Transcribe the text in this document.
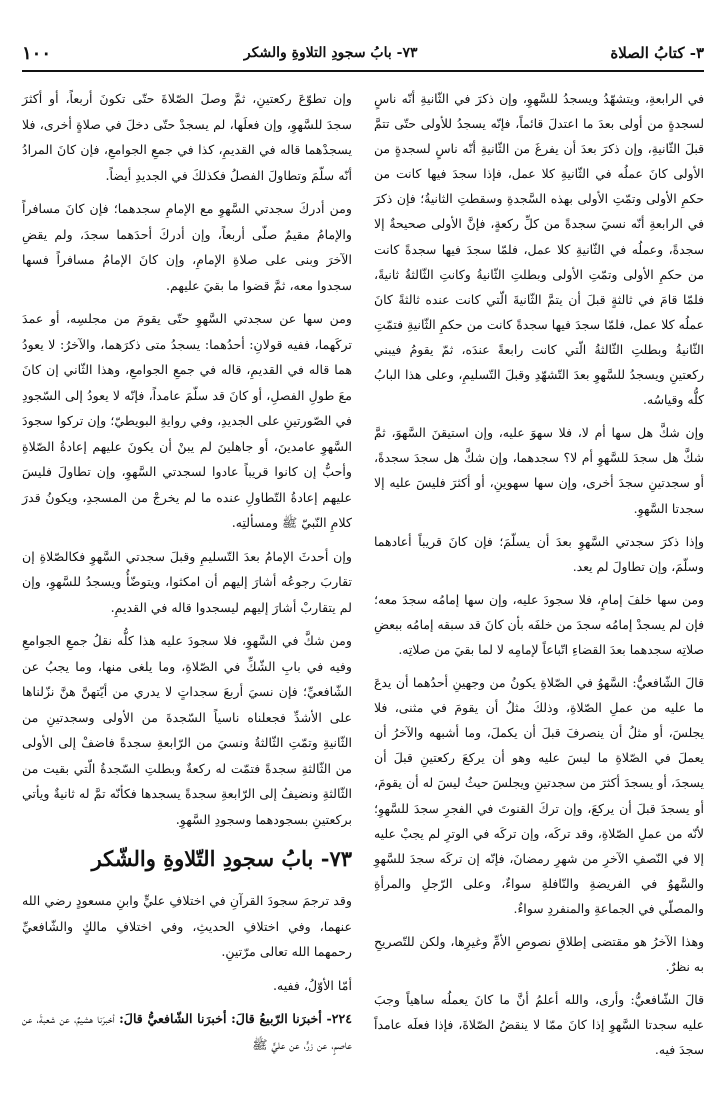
٣- كتابُ الصلاة
٧٣- بابُ سجودِ التلاوةِ والشكر
١٠٠

في الرابعةِ، ويتشهّدُ ويسجدُ للسَّهوِ، وإن ذكرَ في الثّانيةِ أنّه ناسٍ لسجدةٍ من أولى بعدَ ما اعتدلَ قائماً، فإنّه يسجدُ للأولى حتّى تتمَّ قبلَ الثّانيةِ، وإن ذكرَ بعدَ أن يفرغَ من الثّانيةِ أنّه ناسٍ لسجدةٍ من الأولى كانَ عملُه في الثّانيةِ كلا عمل، فإذا سجدَ فيها كانت من حكمِ الأولى وتمّتِ الأولى بهذه السَّجدةِ وسقطتِ الثانيةُ؛ فإن ذكرَ في الرابعةِ أنّه نسيَ سجدةً من كلِّ ركعةٍ، فإنَّ الأولى صحيحةٌ إلا سجدةً، وعملُه في الثّانيةِ كلا عمل، فلمّا سجدَ فيها سجدةً كانت من حكمِ الأولى وتمّتِ الأولى وبطلتِ الثّانيةُ وكانتِ الثّالثةُ ثانيةً، فلمّا قامَ في ثالثةٍ قبلَ أن يتمَّ الثّانيةَ الّتي كانت عنده ثالثةً كانَ عملُه كلا عمل، فلمّا سجدَ فيها سجدةً كانت من حكمِ الثّانيةِ فتمّتِ الثّانيةُ وبطلتِ الثّالثةُ الّتي كانت رابعةً عندَه، ثمّ يقومُ فيبني ركعتينِ ويسجدُ للسَّهوِ بعدَ التّشهّدِ وقبلَ التّسليمِ، وعلى هذا البابُ كلُّه وقياسُه.

وإن شكَّ هل سها أم لا، فلا سهوَ عليه، وإن استيقنَ السَّهوَ، ثمَّ شكَّ هل سجدَ للسَّهوِ أم لا؟ سجدهما، وإن شكَّ هل سجدَ سجدةً، أو سجدتينِ سجدَ أخرى، وإن سها سهوينِ، أو أكثرَ فليسَ عليه إلا سجدتا السَّهوِ.

وإذا ذكرَ سجدتي السَّهوِ بعدَ أن يسلّمَ؛ فإن كانَ قريباً أعادهما وسلّمَ، وإن تطاولَ لم يعد.

ومن سها خلفَ إمامٍ، فلا سجودَ عليه، وإن سها إمامُه سجدَ معه؛ فإن لم يسجدْ إمامُه سجدَ من خلفَه بأن كانَ قد سبقه إمامُه ببعضِ صلاتِه سجدهما بعدَ القضاءِ اتّباعاً لإمامِه لا لما بقيَ من صلاتِه.

قالَ الشّافعيُّ: السَّهوُ في الصّلاةِ يكونُ من وجهينِ أحدُهما أن يدعَ ما عليه من عملِ الصّلاةِ، وذلكَ مثلُ أن يقومَ في مثنى، فلا يجلسَ، أو مثلُ أن ينصرفَ قبلَ أن يكملَ، وما أشبهه والآخرُ أن يعملَ في الصّلاةِ ما ليسَ عليه وهو أن يركعَ ركعتينِ قبلَ أن يسجدَ، أو يسجدَ أكثرَ من سجدتينِ ويجلسَ حيثُ ليسَ له أن يقومَ، أو يسجدَ قبلَ أن يركعَ، وإن تركَ القنوتَ في الفجرِ سجدَ للسَّهوِ؛ لأنّه من عملِ الصّلاةِ، وقد تركَه، وإن تركَه في الوترِ لم يجبْ عليه إلا في النّصفِ الآخرِ من شهرِ رمضانَ، فإنّه إن تركَه سجدَ للسَّهوِ والسَّهوُ في الفريضةِ والنّافلةِ سواءٌ، وعلى الرّجلِ والمرأةِ والمصلّي في الجماعةِ والمنفردِ سواءٌ.

وهذا الآخرُ هو مقتضى إطلاقِ نصوصِ الأمِّ وغيرِها، ولكن للتّصريحِ به نظرٌ.

قالَ الشّافعيُّ: وأرى، والله أعلمُ أنَّ ما كانَ يعملُه ساهياً وجبَ عليه سجدتا السَّهوِ إذا كانَ ممّا لا ينقضُ الصّلاةَ، فإذا فعلَه عامداً سجدَ فيه.

وإن تطوّعَ ركعتينِ، ثمَّ وصلَ الصّلاةَ حتّى تكونَ أربعاً، أو أكثرَ سجدَ للسَّهوِ، وإن فعلَها، لم يسجدْ حتّى دخلَ في صلاةٍ أخرى، فلا يسجدْهما قاله في القديمِ، كذا في جمعِ الجوامعِ، فإن كانَ المرادُ أنّه سلّمَ وتطاولَ الفصلُ فكذلكَ في الجديدِ أيضاً.

ومن أدركَ سجدتي السَّهوِ مع الإمامِ سجدهما؛ فإن كانَ مسافراً والإمامُ مقيمٌ صلّى أربعاً، وإن أدركَ أحدَهما سجدَ، ولم يقضِ الآخرَ وبنى على صلاةِ الإمامِ، وإن كانَ الإمامُ مسافراً فسها سجدوا معه، ثمَّ قضوا ما بقيَ عليهم.

ومن سها عن سجدتي السَّهوِ حتّى يقومَ من مجلسِه، أو عمدَ تركَهما، ففيه قولانِ: أحدُهما: يسجدُ متى ذكرَهما، والآخرُ: لا يعودُ هما قاله في القديمِ، قاله في جمعِ الجوامعِ، وهذا الثّاني إن كانَ معَ طولِ الفصلِ، أو كانَ قد سلّمَ عامداً، فإنّه لا يعودُ إلى السّجودِ في الصّورتينِ على الجديدِ، وفي روايةِ البويطيّ؛ وإن تركوا سجودَ السَّهوِ عامدينَ، أو جاهلينَ لم يبنْ أن يكونَ عليهم إعادةُ الصّلاةِ وأحبُّ إن كانوا قريباً عادوا لسجدتي السَّهوِ، وإن تطاولَ فليسَ عليهم إعادةُ التّطاولِ عنده ما لم يخرجْ من المسجدِ، ويكونُ قدرَ كلامِ النّبيّ ﷺ ومسألتِه.

وإن أحدثَ الإمامُ بعدَ التّسليمِ وقبلَ سجدتي السَّهوِ فكالصّلاةِ إن تقاربَ رجوعُه أشارَ إليهم أن امكثوا، ويتوضّأُ ويسجدُ للسَّهوِ، وإن لم يتقاربْ أشارَ إليهم ليسجدوا قاله في القديمِ.

ومن شكَّ في السَّهوِ، فلا سجودَ عليه هذا كلُّه نقلُ جمعِ الجوامعِ وفيه في بابِ الشّكِّ في الصّلاةِ، وما يلغى منها، وما يجبُ عن الشّافعيِّ؛ فإن نسيَ أربعَ سجداتٍ لا يدري من أيّتهنَّ هنَّ نزّلناها على الأشدِّ فجعلناه ناسياً السّجدةَ من الأولى وسجدتينِ من الثّانيةِ وتمّتِ الثّالثةُ ونسيَ من الرّابعةِ سجدةً فاضفْ إلى الأولى من الثّالثةِ سجدةً فتمّت له ركعةٌ وبطلتِ السّجدةُ الّتي بقيت من الثّالثةِ ونضيفُ إلى الرّابعةِ سجدةً يسجدها فكأنّه تمَّ له ثانيةٌ ويأتي بركعتينِ بسجودهما وسجودِ السَّهوِ.

٧٣- بابُ سجودِ التّلاوةِ والشّكر

وقد ترجمَ سجودَ القرآنِ في اختلافِ عليٍّ وابنِ مسعودٍ رضي الله عنهما، وفي اختلافِ الحديثِ، وفي اختلافِ مالكٍ والشّافعيِّ رحمهما الله تعالى مرّتينِ.

أمّا الأوّلُ، ففيه.

٢٢٤- أخبرَنا الرّبيعُ قالَ: أخبرَنا الشّافعيُّ قالَ: أخبرَنا هشيمٌ، عن شعبةَ، عن عاصمٍ، عن زرٍّ، عن عليٍّ ﷺ
